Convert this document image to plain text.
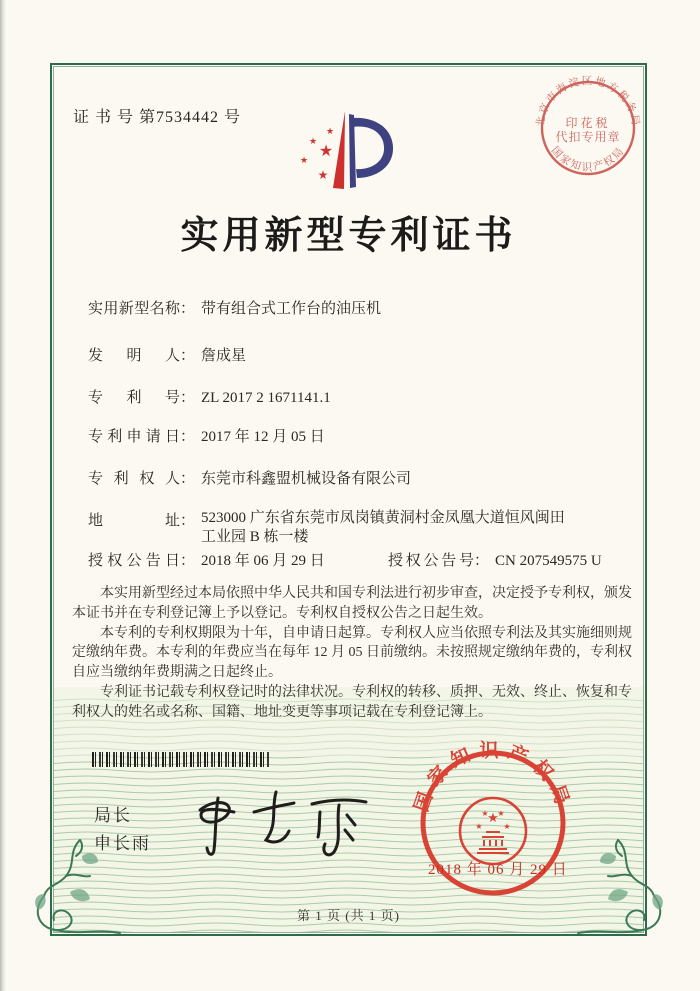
证 书 号 第7534442 号
★
★
★
★
★
北京市海淀区地方税务局
印花税
代扣专用章
国家知识产权局
实用新型专利证书
实用新型名称： 带有组合式工作台的油压机
发明人： 詹成星
专利号： ZL 2017 2 1671141.1
专利申请日： 2017 年 12 月 05 日
专利权人： 东莞市科鑫盟机械设备有限公司
地址： 523000 广东省东莞市凤岗镇黄洞村金凤凰大道恒风闽田
工业园 B 栋一楼
授权公告日： 2018 年 06 月 29 日	授权公告号： CN 207549575 U

本实用新型经过本局依照中华人民共和国专利法进行初步审查，决定授予专利权，颁发本证书并在专利登记簿上予以登记。专利权自授权公告之日起生效。

本专利的专利权期限为十年，自申请日起算。专利权人应当依照专利法及其实施细则规定缴纳年费。本专利的年费应当在每年 12 月 05 日前缴纳。未按照规定缴纳年费的，专利权自应当缴纳年费期满之日起终止。

专利证书记载专利权登记时的法律状况。专利权的转移、质押、无效、终止、恢复和专利权人的姓名或名称、国籍、地址变更等事项记载在专利登记簿上。

局长
申长雨
国家知识产权局
★
★
★ ★
★
2018 年 06 月 29 日
第 1 页 (共 1 页)
